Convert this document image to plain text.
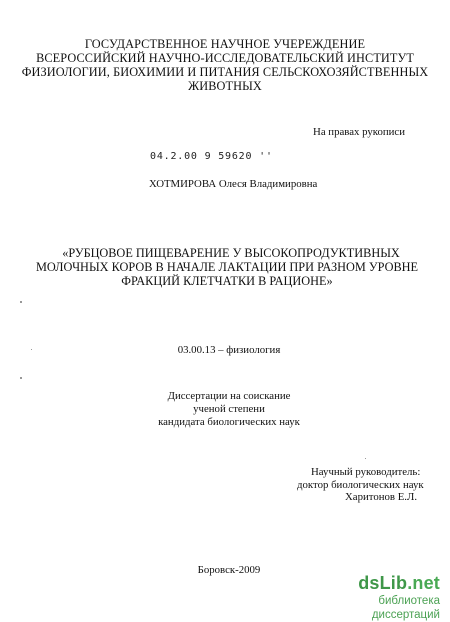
ГОСУДАРСТВЕННОЕ НАУЧНОЕ УЧЕРЕЖДЕНИЕ
ВСЕРОССИЙСКИЙ НАУЧНО-ИССЛЕДОВАТЕЛЬСКИЙ ИНСТИТУТ
ФИЗИОЛОГИИ, БИОХИМИИ И ПИТАНИЯ СЕЛЬСКОХОЗЯЙСТВЕННЫХ
ЖИВОТНЫХ
На правах рукописи
04.2.00 9 59620 ''
ХОТМИРОВА Олеся Владимировна
«РУБЦОВОЕ ПИЩЕВАРЕНИЕ У ВЫСОКОПРОДУКТИВНЫХ
МОЛОЧНЫХ КОРОВ В НАЧАЛЕ ЛАКТАЦИИ ПРИ РАЗНОМ УРОВНЕ
ФРАКЦИЙ КЛЕТЧАТКИ В РАЦИОНЕ»
03.00.13 – физиология
Диссертации на соискание
ученой степени
кандидата биологических наук
Научный руководитель:
доктор биологических наук
Харитонов Е.Л.
Боровск-2009
dsLib.net
библиотека диссертаций
